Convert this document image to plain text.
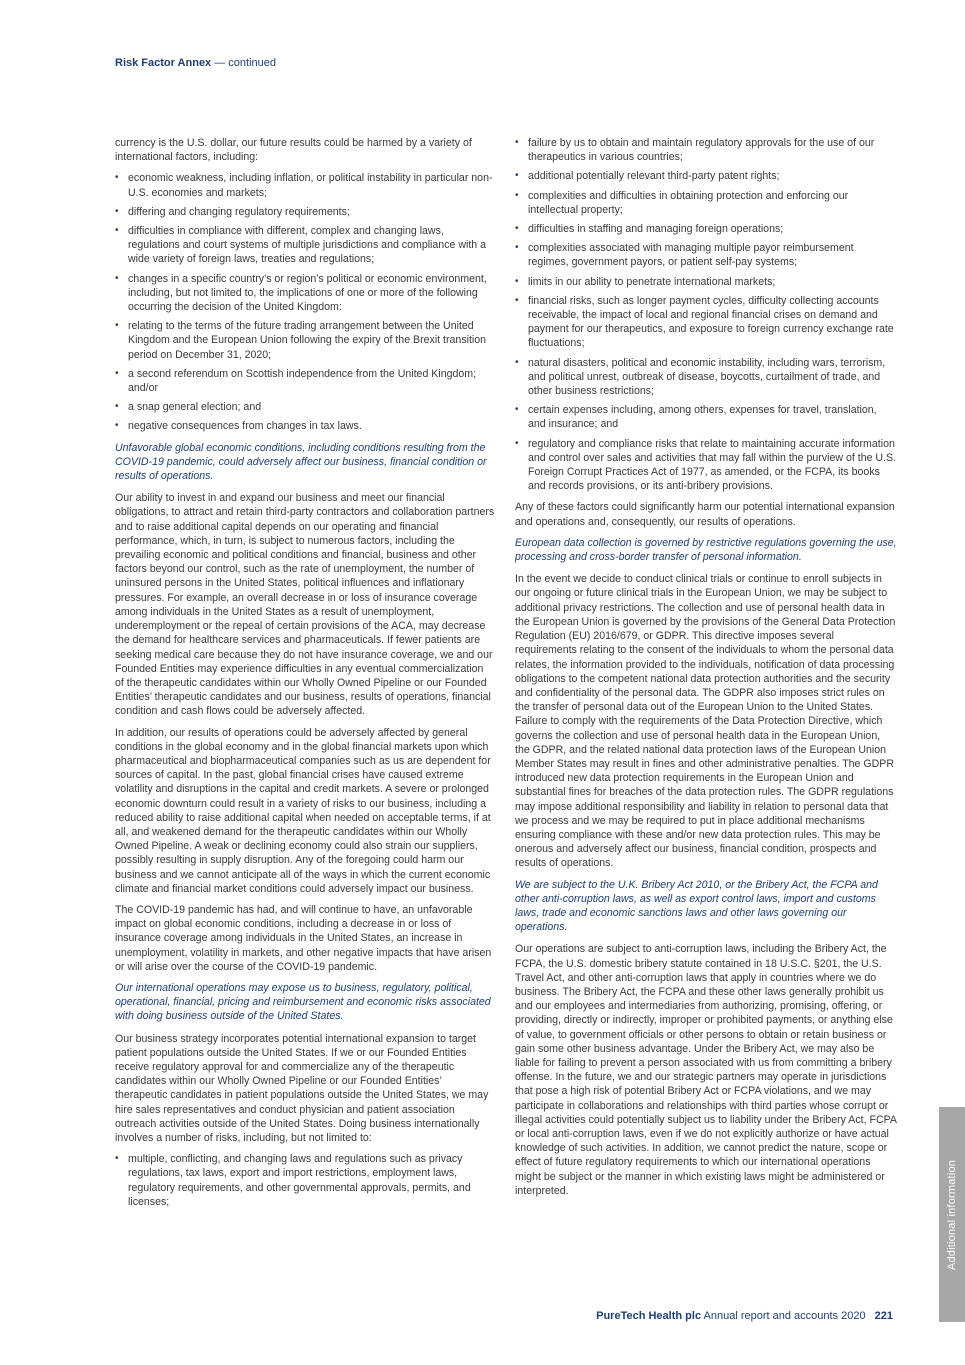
Risk Factor Annex — continued

currency is the U.S. dollar, our future results could be harmed by a variety of international factors, including:

• economic weakness, including inflation, or political instability in particular non-U.S. economies and markets;
• differing and changing regulatory requirements;
• difficulties in compliance with different, complex and changing laws, regulations and court systems of multiple jurisdictions and compliance with a wide variety of foreign laws, treaties and regulations;
• changes in a specific country’s or region’s political or economic environment, including, but not limited to, the implications of one or more of the following occurring the decision of the United Kingdom:
• relating to the terms of the future trading arrangement between the United Kingdom and the European Union following the expiry of the Brexit transition period on December 31, 2020;
• a second referendum on Scottish independence from the United Kingdom; and/or
• a snap general election; and
• negative consequences from changes in tax laws.

Unfavorable global economic conditions, including conditions resulting from the COVID-19 pandemic, could adversely affect our business, financial condition or results of operations.

Our ability to invest in and expand our business and meet our financial obligations, to attract and retain third-party contractors and collaboration partners and to raise additional capital depends on our operating and financial performance, which, in turn, is subject to numerous factors, including the prevailing economic and political conditions and financial, business and other factors beyond our control, such as the rate of unemployment, the number of uninsured persons in the United States, political influences and inflationary pressures. For example, an overall decrease in or loss of insurance coverage among individuals in the United States as a result of unemployment, underemployment or the repeal of certain provisions of the ACA, may decrease the demand for healthcare services and pharmaceuticals. If fewer patients are seeking medical care because they do not have insurance coverage, we and our Founded Entities may experience difficulties in any eventual commercialization of the therapeutic candidates within our Wholly Owned Pipeline or our Founded Entities’ therapeutic candidates and our business, results of operations, financial condition and cash flows could be adversely affected.

In addition, our results of operations could be adversely affected by general conditions in the global economy and in the global financial markets upon which pharmaceutical and biopharmaceutical companies such as us are dependent for sources of capital. In the past, global financial crises have caused extreme volatility and disruptions in the capital and credit markets. A severe or prolonged economic downturn could result in a variety of risks to our business, including a reduced ability to raise additional capital when needed on acceptable terms, if at all, and weakened demand for the therapeutic candidates within our Wholly Owned Pipeline. A weak or declining economy could also strain our suppliers, possibly resulting in supply disruption. Any of the foregoing could harm our business and we cannot anticipate all of the ways in which the current economic climate and financial market conditions could adversely impact our business.

The COVID-19 pandemic has had, and will continue to have, an unfavorable impact on global economic conditions, including a decrease in or loss of insurance coverage among individuals in the United States, an increase in unemployment, volatility in markets, and other negative impacts that have arisen or will arise over the course of the COVID-19 pandemic.

Our international operations may expose us to business, regulatory, political, operational, financial, pricing and reimbursement and economic risks associated with doing business outside of the United States.

Our business strategy incorporates potential international expansion to target patient populations outside the United States. If we or our Founded Entities receive regulatory approval for and commercialize any of the therapeutic candidates within our Wholly Owned Pipeline or our Founded Entities’ therapeutic candidates in patient populations outside the United States, we may hire sales representatives and conduct physician and patient association outreach activities outside of the United States. Doing business internationally involves a number of risks, including, but not limited to:

• multiple, conflicting, and changing laws and regulations such as privacy regulations, tax laws, export and import restrictions, employment laws, regulatory requirements, and other governmental approvals, permits, and licenses;
• failure by us to obtain and maintain regulatory approvals for the use of our therapeutics in various countries;
• additional potentially relevant third-party patent rights;
• complexities and difficulties in obtaining protection and enforcing our intellectual property;
• difficulties in staffing and managing foreign operations;
• complexities associated with managing multiple payor reimbursement regimes, government payors, or patient self-pay systems;
• limits in our ability to penetrate international markets;
• financial risks, such as longer payment cycles, difficulty collecting accounts receivable, the impact of local and regional financial crises on demand and payment for our therapeutics, and exposure to foreign currency exchange rate fluctuations;
• natural disasters, political and economic instability, including wars, terrorism, and political unrest, outbreak of disease, boycotts, curtailment of trade, and other business restrictions;
• certain expenses including, among others, expenses for travel, translation, and insurance; and
• regulatory and compliance risks that relate to maintaining accurate information and control over sales and activities that may fall within the purview of the U.S. Foreign Corrupt Practices Act of 1977, as amended, or the FCPA, its books and records provisions, or its anti-bribery provisions.

Any of these factors could significantly harm our potential international expansion and operations and, consequently, our results of operations.

European data collection is governed by restrictive regulations governing the use, processing and cross-border transfer of personal information.

In the event we decide to conduct clinical trials or continue to enroll subjects in our ongoing or future clinical trials in the European Union, we may be subject to additional privacy restrictions. The collection and use of personal health data in the European Union is governed by the provisions of the General Data Protection Regulation (EU) 2016/679, or GDPR. This directive imposes several requirements relating to the consent of the individuals to whom the personal data relates, the information provided to the individuals, notification of data processing obligations to the competent national data protection authorities and the security and confidentiality of the personal data. The GDPR also imposes strict rules on the transfer of personal data out of the European Union to the United States. Failure to comply with the requirements of the Data Protection Directive, which governs the collection and use of personal health data in the European Union, the GDPR, and the related national data protection laws of the European Union Member States may result in fines and other administrative penalties. The GDPR introduced new data protection requirements in the European Union and substantial fines for breaches of the data protection rules. The GDPR regulations may impose additional responsibility and liability in relation to personal data that we process and we may be required to put in place additional mechanisms ensuring compliance with these and/or new data protection rules. This may be onerous and adversely affect our business, financial condition, prospects and results of operations.

We are subject to the U.K. Bribery Act 2010, or the Bribery Act, the FCPA and other anti-corruption laws, as well as export control laws, import and customs laws, trade and economic sanctions laws and other laws governing our operations.

Our operations are subject to anti-corruption laws, including the Bribery Act, the FCPA, the U.S. domestic bribery statute contained in 18 U.S.C. §201, the U.S. Travel Act, and other anti-corruption laws that apply in countries where we do business. The Bribery Act, the FCPA and these other laws generally prohibit us and our employees and intermediaries from authorizing, promising, offering, or providing, directly or indirectly, improper or prohibited payments, or anything else of value, to government officials or other persons to obtain or retain business or gain some other business advantage. Under the Bribery Act, we may also be liable for failing to prevent a person associated with us from committing a bribery offense. In the future, we and our strategic partners may operate in jurisdictions that pose a high risk of potential Bribery Act or FCPA violations, and we may participate in collaborations and relationships with third parties whose corrupt or illegal activities could potentially subject us to liability under the Bribery Act, FCPA or local anti-corruption laws, even if we do not explicitly authorize or have actual knowledge of such activities. In addition, we cannot predict the nature, scope or effect of future regulatory requirements to which our international operations might be subject or the manner in which existing laws might be administered or interpreted.

PureTech Health plc Annual report and accounts 2020 221
Additional information
